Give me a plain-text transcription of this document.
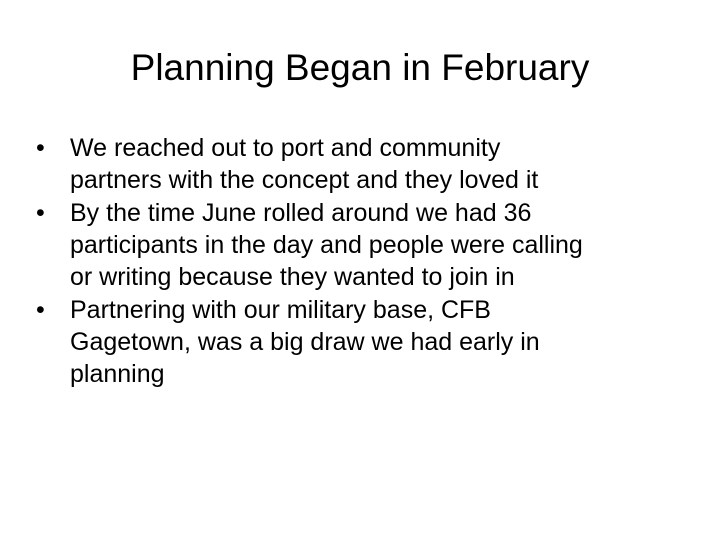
Planning Began in February
•	We reached out to port and community
partners with the concept and they loved it
•	By the time June rolled around we had 36
participants in the day and people were calling
or writing because they wanted to join in
•	Partnering with our military base, CFB
Gagetown, was a big draw we had early in
planning
